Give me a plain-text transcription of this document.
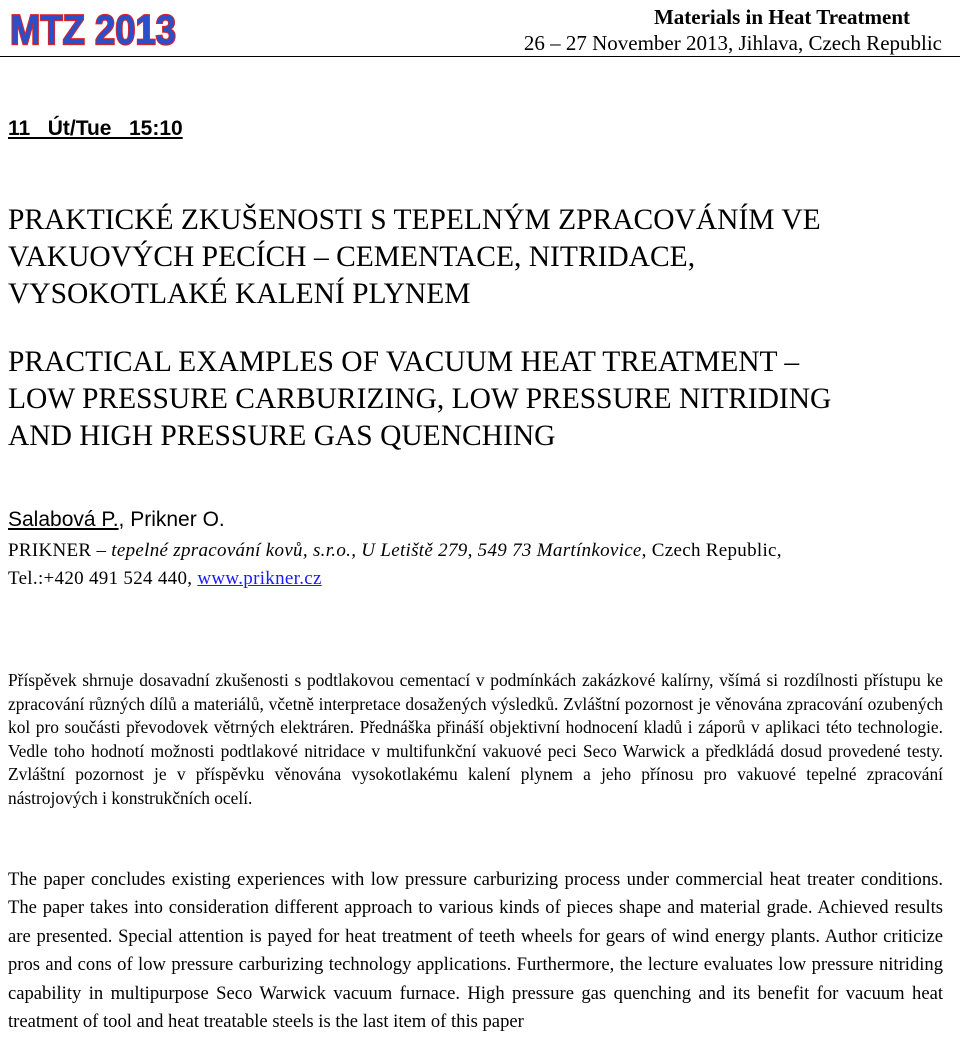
MTZ 2013	Materials in Heat Treatment
26 – 27 November 2013, Jihlava, Czech Republic
11   Út/Tue   15:10
PRAKTICKÉ ZKUŠENOSTI S TEPELNÝM ZPRACOVÁNÍM VE
VAKUOVÝCH PECÍCH – CEMENTACE, NITRIDACE,
VYSOKOTLAKÉ KALENÍ PLYNEM
PRACTICAL EXAMPLES OF VACUUM HEAT TREATMENT –
LOW PRESSURE CARBURIZING, LOW PRESSURE NITRIDING
AND HIGH PRESSURE GAS QUENCHING
Salabová P., Prikner O.
PRIKNER – tepelné zpracování kovů, s.r.o., U Letiště 279, 549 73 Martínkovice, Czech Republic,
Tel.:+420 491 524 440, www.prikner.cz

Příspěvek shrnuje dosavadní zkušenosti s podtlakovou cementací v podmínkách zakázkové kalírny, všímá si rozdílnosti přístupu ke zpracování různých dílů a materiálů, včetně interpretace dosažených výsledků. Zvláštní pozornost je věnována zpracování ozubených kol pro součásti převodovek větrných elektráren. Přednáška přináší objektivní hodnocení kladů i záporů v aplikaci této technologie. Vedle toho hodnotí možnosti podtlakové nitridace v multifunkční vakuové peci Seco Warwick a předkládá dosud provedené testy. Zvláštní pozornost je v příspěvku věnována vysokotlakému kalení plynem a jeho přínosu pro vakuové tepelné zpracování nástrojových i konstrukčních ocelí.

The paper concludes existing experiences with low pressure carburizing process under commercial heat treater conditions. The paper takes into consideration different approach to various kinds of pieces shape and material grade. Achieved results are presented. Special attention is payed for heat treatment of teeth wheels for gears of wind energy plants. Author criticize pros and cons of low pressure carburizing technology applications. Furthermore, the lecture evaluates low pressure nitriding capability in multipurpose Seco Warwick vacuum furnace. High pressure gas quenching and its benefit for vacuum heat treatment of tool and heat treatable steels is the last item of this paper
